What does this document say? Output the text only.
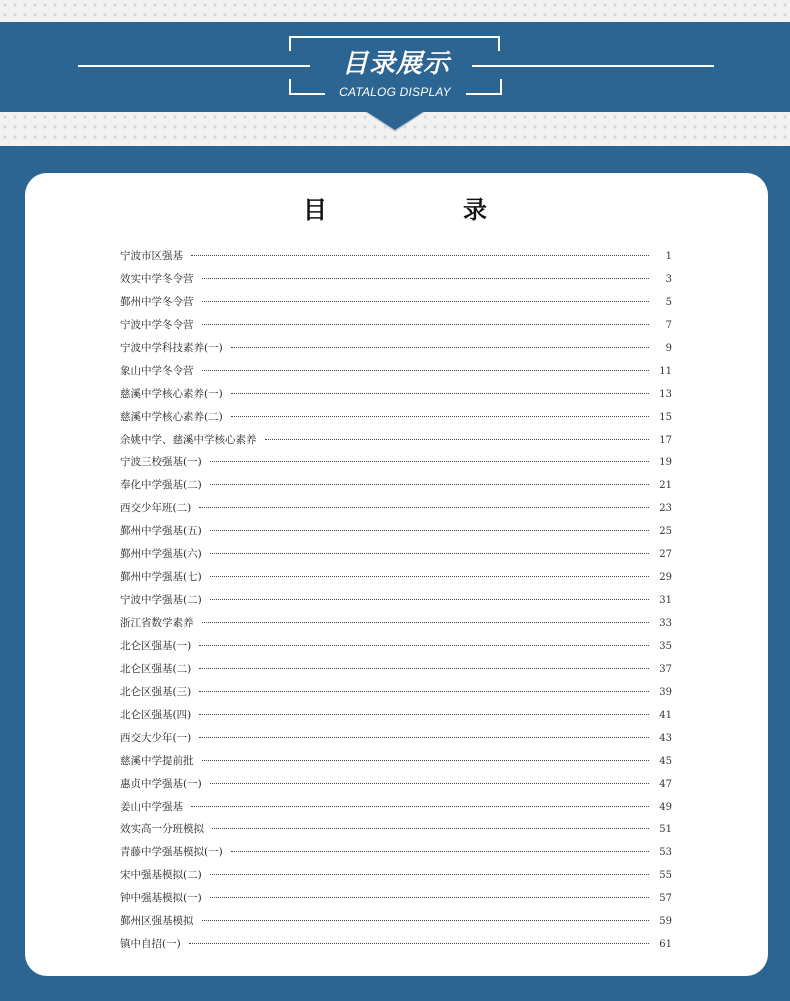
目录展示
CATALOG DISPLAY
目　录
宁波市区强基	1
效实中学冬令营	3
鄞州中学冬令营	5
宁波中学冬令营	7
宁波中学科技素养(一)	9
象山中学冬令营	11
慈溪中学核心素养(一)	13
慈溪中学核心素养(二)	15
余姚中学、慈溪中学核心素养	17
宁波三校强基(一)	19
奉化中学强基(二)	21
西交少年班(二)	23
鄞州中学强基(五)	25
鄞州中学强基(六)	27
鄞州中学强基(七)	29
宁波中学强基(二)	31
浙江省数学素养	33
北仑区强基(一)	35
北仑区强基(二)	37
北仑区强基(三)	39
北仑区强基(四)	41
西交大少年(一)	43
慈溪中学提前批	45
惠贞中学强基(一)	47
姜山中学强基	49
效实高一分班模拟	51
青藤中学强基模拟(一)	53
宋中强基模拟(二)	55
钟中强基模拟(一)	57
鄞州区强基模拟	59
镇中自招(一)	61
